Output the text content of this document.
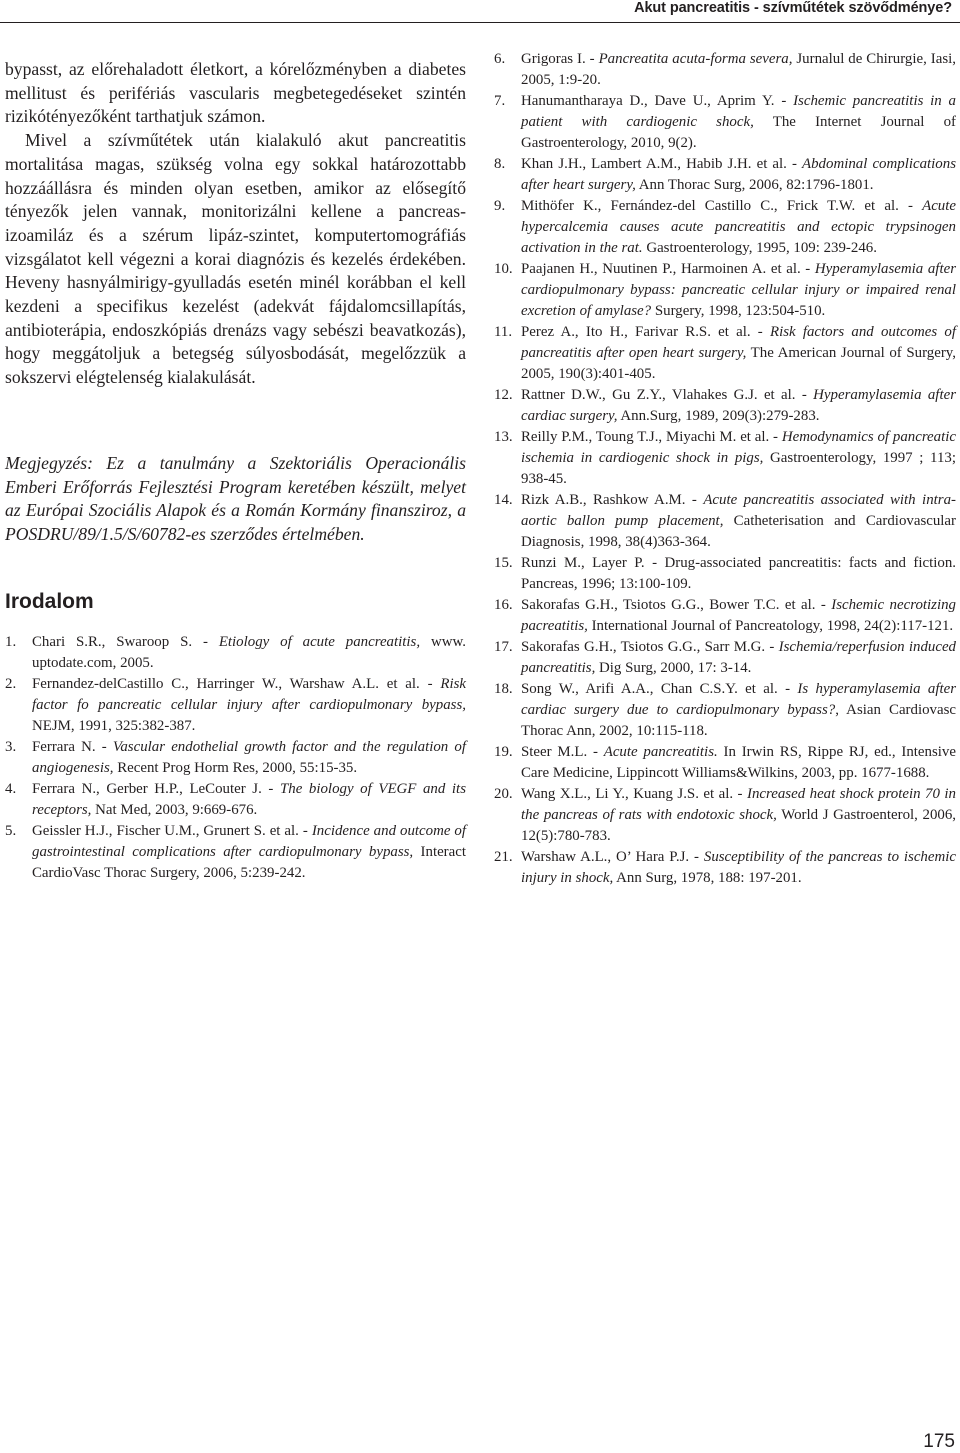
Akut pancreatitis - szívműtétek szövődménye?

bypasst, az előrehaladott életkort, a kórelőzményben a diabetes mellitust és perifériás vascularis megbetegedéseket szintén rizikótényezőként tarthatjuk számon.

Mivel a szívműtétek után kialakuló akut pancreatitis mortalitása magas, szükség volna egy sokkal határozottabb hozzáállásra és minden olyan esetben, amikor az elősegítő tényezők jelen vannak, monitorizálni kellene a pancreas-izoamiláz és a szérum lipáz-szintet, komputertomográfiás vizsgálatot kell végezni a korai diagnózis és kezelés érdekében. Heveny hasnyálmirigy-gyulladás esetén minél korábban el kell kezdeni a specifikus kezelést (adekvát fájdalomcsillapítás, antibioterápia, endoszkópiás drenázs vagy sebészi beavatkozás), hogy meggátoljuk a betegség súlyosbodását, megelőzzük a sokszervi elégtelenség kialakulását.

Megjegyzés: Ez a tanulmány a Szektoriális Operacionális Emberi Erőforrás Fejlesztési Program keretében készült, melyet az Európai Szociális Alapok és a Román Kormány finansziroz, a POSDRU/89/1.5/S/60782-es szerződes értelmében.

Irodalom
1. Chari S.R., Swaroop S. - Etiology of acute pancreatitis, www. uptodate.com, 2005.
2. Fernandez-delCastillo C., Harringer W., Warshaw A.L. et al. - Risk factor fo pancreatic cellular injury after cardiopulmonary bypass, NEJM, 1991, 325:382-387.
3. Ferrara N. - Vascular endothelial growth factor and the regulation of angiogenesis, Recent Prog Horm Res, 2000, 55:15-35.
4. Ferrara N., Gerber H.P., LeCouter J. - The biology of VEGF and its receptors, Nat Med, 2003, 9:669-676.
5. Geissler H.J., Fischer U.M., Grunert S. et al. - Incidence and outcome of gastrointestinal complications after cardiopulmonary bypass, Interact CardioVasc Thorac Surgery, 2006, 5:239-242.
6. Grigoras I. - Pancreatita acuta-forma severa, Jurnalul de Chirurgie, Iasi, 2005, 1:9-20.
7. Hanumantharaya D., Dave U., Aprim Y. - Ischemic pancreatitis in a patient with cardiogenic shock, The Internet Journal of Gastroenterology, 2010, 9(2).
8. Khan J.H., Lambert A.M., Habib J.H. et al. - Abdominal complications after heart surgery, Ann Thorac Surg, 2006, 82:1796-1801.
9. Mithöfer K., Fernández-del Castillo C., Frick T.W. et al. - Acute hypercalcemia causes acute pancreatitis and ectopic trypsinogen activation in the rat. Gastroenterology, 1995, 109: 239-246.
10. Paajanen H., Nuutinen P., Harmoinen A. et al. - Hyperamylasemia after cardiopulmonary bypass: pancreatic cellular injury or impaired renal excretion of amylase? Surgery, 1998, 123:504-510.
11. Perez A., Ito H., Farivar R.S. et al. - Risk factors and outcomes of pancreatitis after open heart surgery, The American Journal of Surgery, 2005, 190(3):401-405.
12. Rattner D.W., Gu Z.Y., Vlahakes G.J. et al. - Hyperamylasemia after cardiac surgery, Ann.Surg, 1989, 209(3):279-283.
13. Reilly P.M., Toung T.J., Miyachi M. et al. - Hemodynamics of pancreatic ischemia in cardiogenic shock in pigs, Gastroenterology, 1997 ; 113; 938-45.
14. Rizk A.B., Rashkow A.M. - Acute pancreatitis associated with intra-aortic ballon pump placement, Catheterisation and Cardiovascular Diagnosis, 1998, 38(4)363-364.
15. Runzi M., Layer P. - Drug-associated pancreatitis: facts and fiction. Pancreas, 1996; 13:100-109.
16. Sakorafas G.H., Tsiotos G.G., Bower T.C. et al. - Ischemic necrotizing pacreatitis, International Journal of Pancreatology, 1998, 24(2):117-121.
17. Sakorafas G.H., Tsiotos G.G., Sarr M.G. - Ischemia/reperfusion induced pancreatitis, Dig Surg, 2000, 17: 3-14.
18. Song W., Arifi A.A., Chan C.S.Y. et al. - Is hyperamylasemia after cardiac surgery due to cardiopulmonary bypass?, Asian Cardiovasc Thorac Ann, 2002, 10:115-118.
19. Steer M.L. - Acute pancreatitis. In Irwin RS, Rippe RJ, ed., Intensive Care Medicine, Lippincott Williams&Wilkins, 2003, pp. 1677-1688.
20. Wang X.L., Li Y., Kuang J.S. et al. - Increased heat shock protein 70 in the pancreas of rats with endotoxic shock, World J Gastroenterol, 2006, 12(5):780-783.
21. Warshaw A.L., O’ Hara P.J. - Susceptibility of the pancreas to ischemic injury in shock, Ann Surg, 1978, 188: 197-201.
175
